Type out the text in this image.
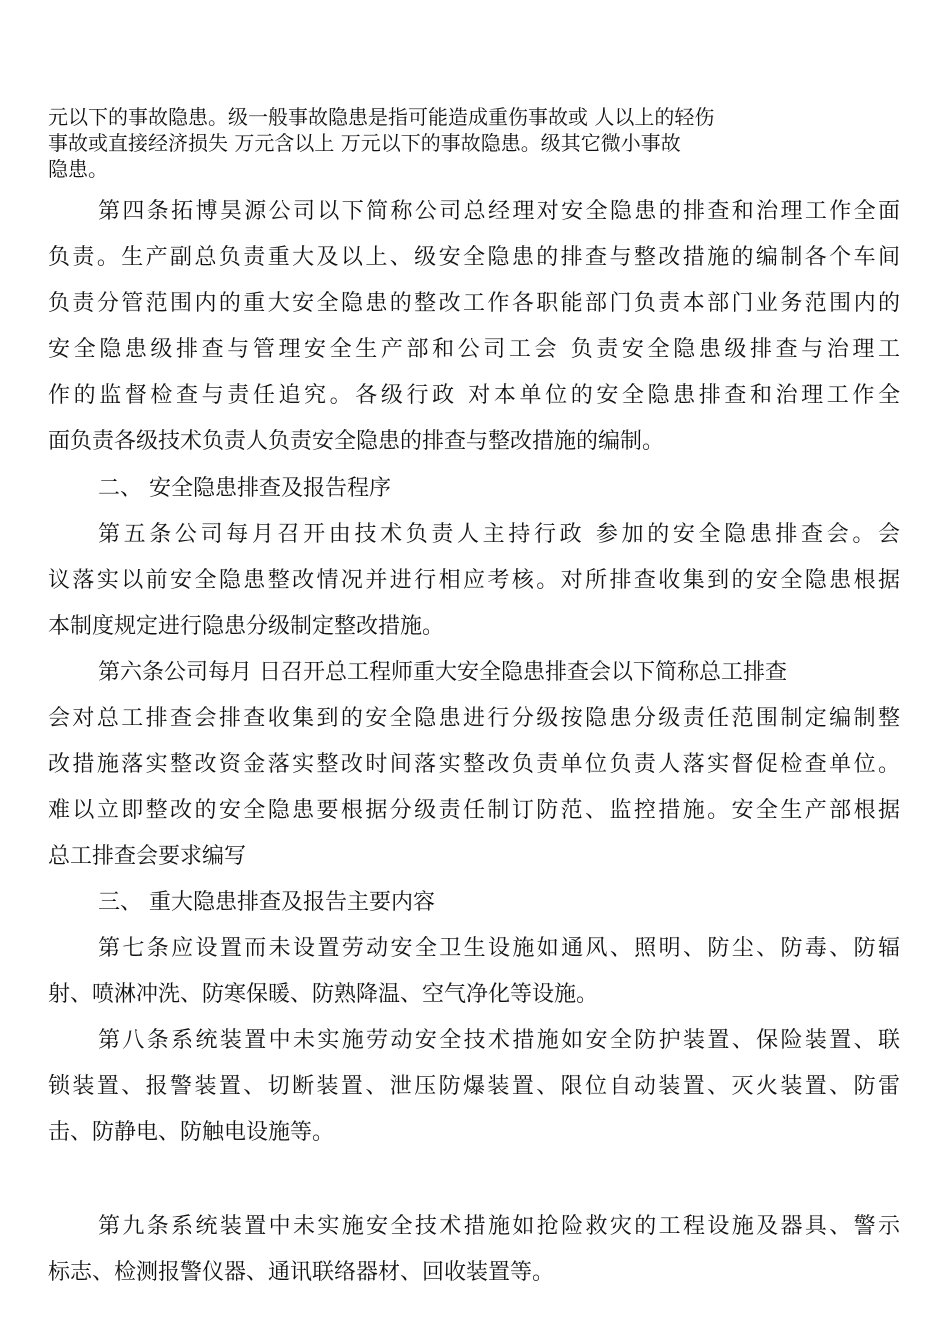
元以下的事故隐患。级一般事故隐患是指可能造成重伤事故或 人以上的轻伤

事故或直接经济损失 万元含以上 万元以下的事故隐患。级其它微小事故

隐患。

第四条拓博昊源公司以下简称公司总经理对安全隐患的排查和治理工作全面
负责。生产副总负责重大及以上、级安全隐患的排查与整改措施的编制各个车间
负责分管范围内的重大安全隐患的整改工作各职能部门负责本部门业务范围内的
安全隐患级排查与管理安全生产部和公司工会 负责安全隐患级排查与治理工
作的监督检查与责任追究。各级行政 对本单位的安全隐患排查和治理工作全
面负责各级技术负责人负责安全隐患的排查与整改措施的编制。

二、 安全隐患排查及报告程序

第五条公司每月召开由技术负责人主持行政 参加的安全隐患排查会。会
议落实以前安全隐患整改情况并进行相应考核。对所排查收集到的安全隐患根据
本制度规定进行隐患分级制定整改措施。
第六条公司每月 日召开总工程师重大安全隐患排查会以下简称总工排查
会对总工排查会排查收集到的安全隐患进行分级按隐患分级责任范围制定编制整
改措施落实整改资金落实整改时间落实整改负责单位负责人落实督促检查单位。
难以立即整改的安全隐患要根据分级责任制订防范、监控措施。安全生产部根据
总工排查会要求编写

三、 重大隐患排查及报告主要内容

第七条应设置而未设置劳动安全卫生设施如通风、照明、防尘、防毒、防辐
射、喷淋冲洗、防寒保暖、防熟降温、空气净化等设施。
第八条系统装置中未实施劳动安全技术措施如安全防护装置、保险装置、联
锁装置、报警装置、切断装置、泄压防爆装置、限位自动装置、灭火装置、防雷
击、防静电、防触电设施等。
第九条系统装置中未实施安全技术措施如抢险救灾的工程设施及器具、警示
标志、检测报警仪器、通讯联络器材、回收装置等。
